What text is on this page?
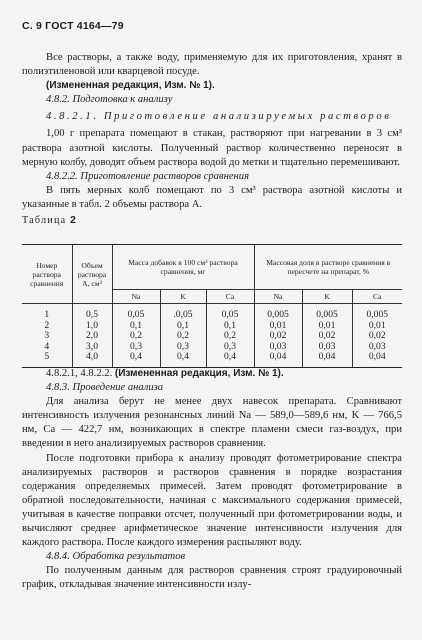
С. 9 ГОСТ 4164—79

Все растворы, а также воду, применяемую для их приготовления, хранят в полиэтиленовой или кварцевой посуде.

(Измененная редакция, Изм. № 1).

4.8.2. Подготовка к анализу

4.8.2.1. Приготовление анализируемых растворов

1,00 г препарата помещают в стакан, растворяют при нагревании в 3 см³ раствора азотной кислоты. Полученный раствор количественно переносят в мерную колбу, доводят объем раствора водой до метки и тщательно перемешивают.

4.8.2.2. Приготовление растворов сравнения

В пять мерных колб помещают по 3 см³ раствора азотной кислоты и указанные в табл. 2 объемы раствора А.

Таблица 2

Номер раствора сравнения	Объем раствора А, см³	Масса добавок в 100 см³ раствора сравнения, мг			Массовая доля в растворе сравнения в пересчете на препарат, %		
		Na	K	Ca	Na	K	Ca
1	0,5	0,05	.0,05	0,05	0,005	0,005	0,005
2	1,0	0,1	0,1	0,1	0,01	0,01	0,01
3	2,0	0,2	0,2	0,2	0,02	0,02	0,02
4	3,0	0,3	0,3	0,3	0,03	0,03	0,03
5	4,0	0,4	0,4	0,4	0,04	0,04	0,04

4.8.2.1, 4.8.2.2. (Измененная редакция, Изм. № 1).

4.8.3. Проведение анализа

Для анализа берут не менее двух навесок препарата. Сравнивают интенсивность излучения резонансных линий Na — 589,0—589,6 нм, K — 766,5 нм, Ca — 422,7 нм, возникающих в спектре пламени смеси газ-воздух, при введении в него анализируемых растворов сравнения.

После подготовки прибора к анализу проводят фотометрирование спектра анализируемых растворов и растворов сравнения в порядке возрастания содержания определяемых примесей. Затем проводят фотометрирование в обратной последовательности, начиная с максимального содержания примесей, учитывая в качестве поправки отсчет, полученный при фотометрировании воды, и вычисляют среднее арифметическое значение интенсивности излучения для каждого раствора. После каждого измерения распыляют воду.

4.8.4. Обработка результатов

По полученным данным для растворов сравнения строят градуировочный график, откладывая значение интенсивности излу-
